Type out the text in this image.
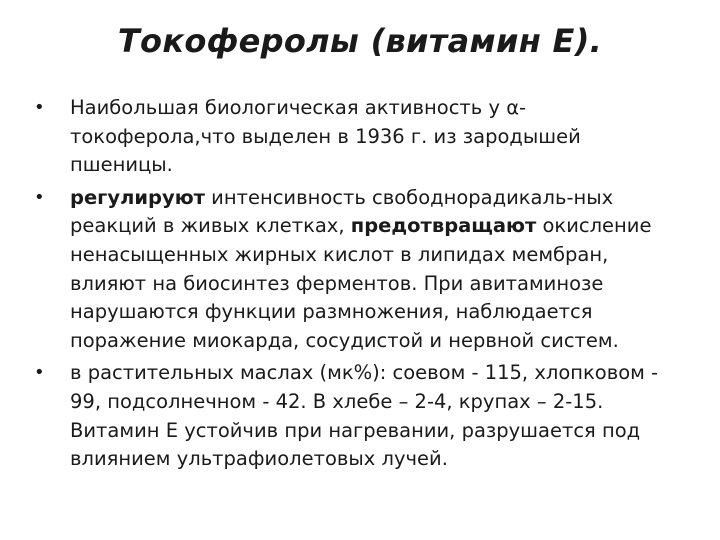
Токоферолы (витамин Е).
•	Наибольшая биологическая активность у α-токоферола,что выделен в 1936 г. из зародышей пшеницы.
•	регулируют интенсивность свободнорадикаль-ных реакций в живых клетках, предотвращают окисление ненасыщенных жирных кислот в липидах мембран, влияют на биосинтез ферментов. При авитаминозе нарушаются функции размножения, наблюдается поражение миокарда, сосудистой и нервной систем.
•	в растительных маслах (мк%): соевом - 115, хлопковом - 99, подсолнечном - 42. В хлебе – 2-4, крупах – 2-15. Витамин Е устойчив при нагревании, разрушается под влиянием ультрафиолетовых лучей.
